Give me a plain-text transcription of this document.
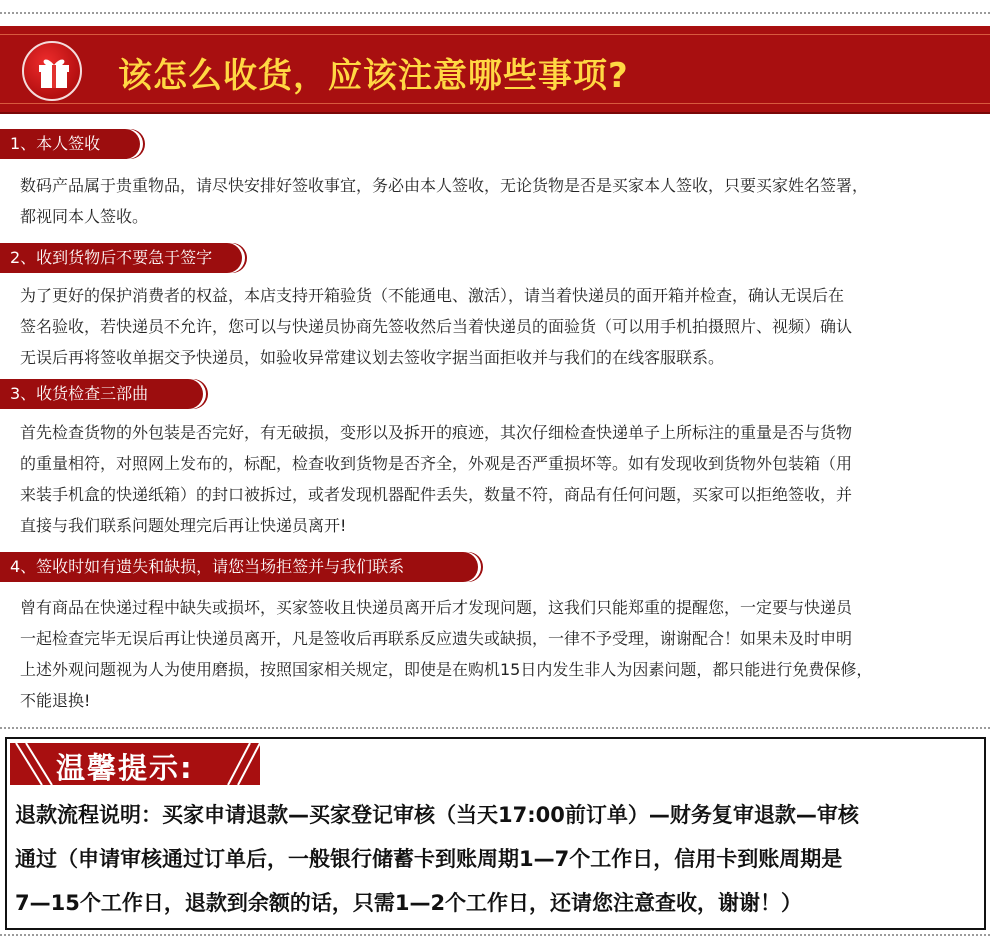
该怎么收货，应该注意哪些事项?
1、本人签收
数码产品属于贵重物品，请尽快安排好签收事宜，务必由本人签收，无论货物是否是买家本人签收，只要买家姓名签署，
都视同本人签收。
2、收到货物后不要急于签字
为了更好的保护消费者的权益，本店支持开箱验货（不能通电、激活），请当着快递员的面开箱并检查，确认无误后在
签名验收，若快递员不允许，您可以与快递员协商先签收然后当着快递员的面验货（可以用手机拍摄照片、视频）确认
无误后再将签收单据交予快递员，如验收异常建议划去签收字据当面拒收并与我们的在线客服联系。
3、收货检查三部曲
首先检查货物的外包装是否完好，有无破损，变形以及拆开的痕迹，其次仔细检查快递单子上所标注的重量是否与货物
的重量相符，对照网上发布的，标配，检查收到货物是否齐全，外观是否严重损坏等。如有发现收到货物外包装箱（用
来装手机盒的快递纸箱）的封口被拆过，或者发现机器配件丢失，数量不符，商品有任何问题，买家可以拒绝签收，并
直接与我们联系问题处理完后再让快递员离开!
4、签收时如有遗失和缺损，请您当场拒签并与我们联系
曾有商品在快递过程中缺失或损坏，买家签收且快递员离开后才发现问题，这我们只能郑重的提醒您，一定要与快递员
一起检查完毕无误后再让快递员离开，凡是签收后再联系反应遗失或缺损，一律不予受理，谢谢配合！如果未及时申明
上述外观问题视为人为使用磨损，按照国家相关规定，即使是在购机15日内发生非人为因素问题，都只能进行免费保修，
不能退换!
温馨提示:
退款流程说明：买家申请退款—买家登记审核（当天17:00前订单）—财务复审退款—审核
通过（申请审核通过订单后，一般银行储蓄卡到账周期1—7个工作日，信用卡到账周期是
7—15个工作日，退款到余额的话，只需1—2个工作日，还请您注意查收，谢谢！）
